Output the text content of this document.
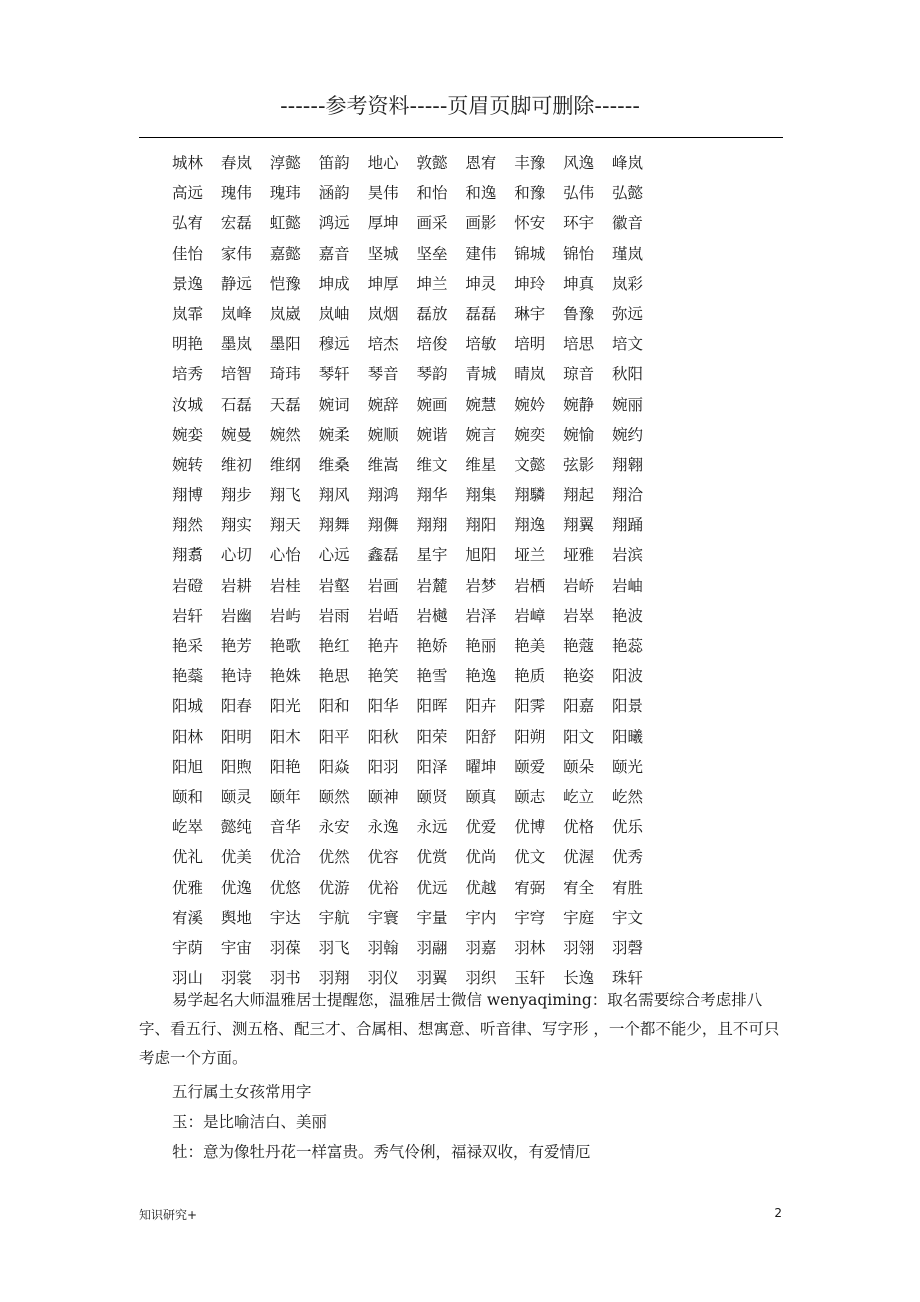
------参考资料-----页眉页脚可删除------
城林 春岚 淳懿 笛韵 地心 敦懿 恩宥 丰豫 风逸 峰岚
高远 瑰伟 瑰玮 涵韵 昊伟 和怡 和逸 和豫 弘伟 弘懿
弘宥 宏磊 虹懿 鸿远 厚坤 画采 画影 怀安 环宇 徽音
佳怡 家伟 嘉懿 嘉音 坚城 坚垒 建伟 锦城 锦怡 瑾岚
景逸 静远 恺豫 坤成 坤厚 坤兰 坤灵 坤玲 坤真 岚彩
岚霏 岚峰 岚崴 岚岫 岚烟 磊放 磊磊 琳宇 鲁豫 弥远
明艳 墨岚 墨阳 穆远 培杰 培俊 培敏 培明 培思 培文
培秀 培智 琦玮 琴轩 琴音 琴韵 青城 晴岚 琼音 秋阳
汝城 石磊 天磊 婉词 婉辞 婉画 婉慧 婉妗 婉静 婉丽
婉娈 婉曼 婉然 婉柔 婉顺 婉谐 婉言 婉奕 婉愉 婉约
婉转 维初 维纲 维桑 维嵩 维文 维星 文懿 弦影 翔翱
翔博 翔步 翔飞 翔风 翔鸿 翔华 翔集 翔驎 翔起 翔洽
翔然 翔实 翔天 翔舞 翔儛 翔翔 翔阳 翔逸 翔翼 翔踊
翔翥 心切 心怡 心远 鑫磊 星宇 旭阳 垭兰 垭雅 岩滨
岩磴 岩耕 岩桂 岩壑 岩画 岩麓 岩梦 岩栖 岩峤 岩岫
岩轩 岩幽 岩屿 岩雨 岩峿 岩樾 岩泽 岩嶂 岩崒 艳波
艳采 艳芳 艳歌 艳红 艳卉 艳娇 艳丽 艳美 艳蔻 艳蕊
艳蘂 艳诗 艳姝 艳思 艳笑 艳雪 艳逸 艳质 艳姿 阳波
阳城 阳春 阳光 阳和 阳华 阳晖 阳卉 阳霁 阳嘉 阳景
阳林 阳明 阳木 阳平 阳秋 阳荣 阳舒 阳朔 阳文 阳曦
阳旭 阳煦 阳艳 阳焱 阳羽 阳泽 曜坤 颐爱 颐朵 颐光
颐和 颐灵 颐年 颐然 颐神 颐贤 颐真 颐志 屹立 屹然
屹崒 懿纯 音华 永安 永逸 永远 优爱 优博 优格 优乐
优礼 优美 优洽 优然 优容 优赏 优尚 优文 优渥 优秀
优雅 优逸 优悠 优游 优裕 优远 优越 宥弼 宥全 宥胜
宥溪 舆地 宇达 宇航 宇寰 宇量 宇内 宇穹 宇庭 宇文
宇荫 宇宙 羽葆 羽飞 羽翰 羽翮 羽嘉 羽林 羽翎 羽磬
羽山 羽裳 羽书 羽翔 羽仪 羽翼 羽织 玉轩 长逸 珠轩
易学起名大师温雅居士提醒您，温雅居士微信 wenyaqiming：取名需要综合考虑排八字、看五行、测五格、配三才、合属相、想寓意、听音律、写字形 ，一个都不能少，且不可只考虑一个方面。
五行属土女孩常用字
玉：是比喻洁白、美丽
牡：意为像牡丹花一样富贵。秀气伶俐，福禄双收，有爱情厄
知识研究+	2
